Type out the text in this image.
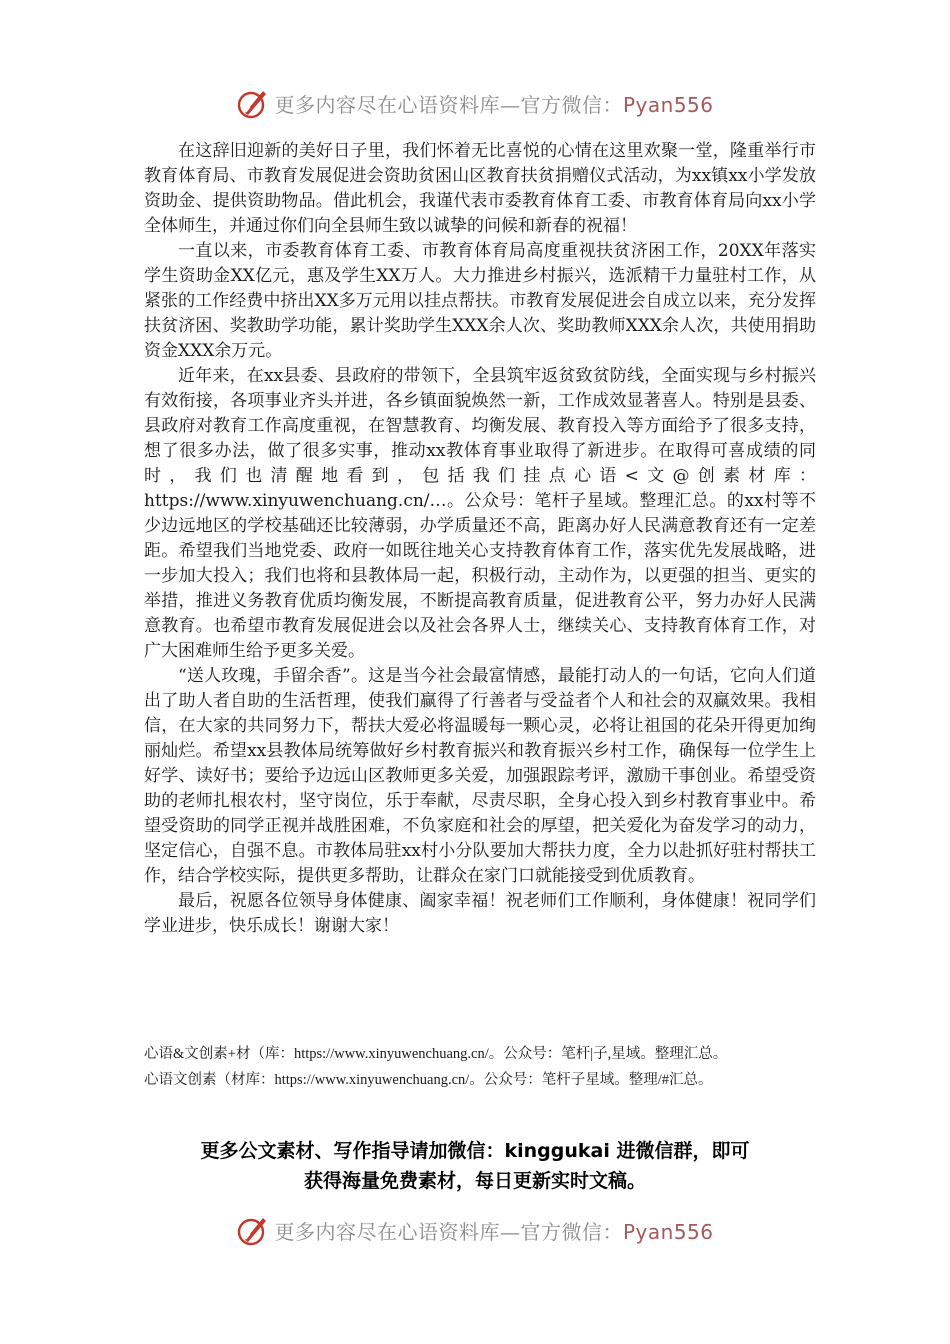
更多内容尽在心语资料库—官方微信：Pyan556

在这辞旧迎新的美好日子里，我们怀着无比喜悦的心情在这里欢聚一堂，隆重举行市教育体育局、市教育发展促进会资助贫困山区教育扶贫捐赠仪式活动，为xx镇xx小学发放资助金、提供资助物品。借此机会，我谨代表市委教育体育工委、市教育体育局向xx小学全体师生，并通过你们向全县师生致以诚挚的问候和新春的祝福！

一直以来，市委教育体育工委、市教育体育局高度重视扶贫济困工作，20XX年落实学生资助金XX亿元，惠及学生XX万人。大力推进乡村振兴，选派精干力量驻村工作，从紧张的工作经费中挤出XX多万元用以挂点帮扶。市教育发展促进会自成立以来，充分发挥扶贫济困、奖教助学功能，累计奖助学生XXX余人次、奖助教师XXX余人次，共使用捐助资金XXX余万元。

近年来，在xx县委、县政府的带领下，全县筑牢返贫致贫防线，全面实现与乡村振兴有效衔接，各项事业齐头并进，各乡镇面貌焕然一新，工作成效显著喜人。特别是县委、县政府对教育工作高度重视，在智慧教育、均衡发展、教育投入等方面给予了很多支持，想了很多办法，做了很多实事，推动xx教体育事业取得了新进步。在取得可喜成绩的同时，我们也清醒地看到，包括我们挂点心语<文@创素材库：https://www.xinyuwenchuang.cn/…。公众号：笔杆子星域。整理汇总。的xx村等不少边远地区的学校基础还比较薄弱，办学质量还不高，距离办好人民满意教育还有一定差距。希望我们当地党委、政府一如既往地关心支持教育体育工作，落实优先发展战略，进一步加大投入；我们也将和县教体局一起，积极行动，主动作为，以更强的担当、更实的举措，推进义务教育优质均衡发展，不断提高教育质量，促进教育公平，努力办好人民满意教育。也希望市教育发展促进会以及社会各界人士，继续关心、支持教育体育工作，对广大困难师生给予更多关爱。

“送人玫瑰，手留余香”。这是当今社会最富情感，最能打动人的一句话，它向人们道出了助人者自助的生活哲理，使我们赢得了行善者与受益者个人和社会的双赢效果。我相信，在大家的共同努力下，帮扶大爱必将温暖每一颗心灵，必将让祖国的花朵开得更加绚丽灿烂。希望xx县教体局统筹做好乡村教育振兴和教育振兴乡村工作，确保每一位学生上好学、读好书；要给予边远山区教师更多关爱，加强跟踪考评，激励干事创业。希望受资助的老师扎根农村，坚守岗位，乐于奉献，尽责尽职，全身心投入到乡村教育事业中。希望受资助的同学正视并战胜困难，不负家庭和社会的厚望，把关爱化为奋发学习的动力，坚定信心，自强不息。市教体局驻xx村小分队要加大帮扶力度，全力以赴抓好驻村帮扶工作，结合学校实际，提供更多帮助，让群众在家门口就能接受到优质教育。

最后，祝愿各位领导身体健康、阖家幸福！祝老师们工作顺利，身体健康！祝同学们学业进步，快乐成长！谢谢大家！

心语&文创素+材（库：https://www.xinyuwenchuang.cn/。公众号：笔杆|子,星域。整理汇总。
心语文创素（材库：https://www.xinyuwenchuang.cn/。公众号：笔杆子星域。整理/#汇总。
更多公文素材、写作指导请加微信：kinggukai 进微信群，即可
获得海量免费素材，每日更新实时文稿。
更多内容尽在心语资料库—官方微信：Pyan556
